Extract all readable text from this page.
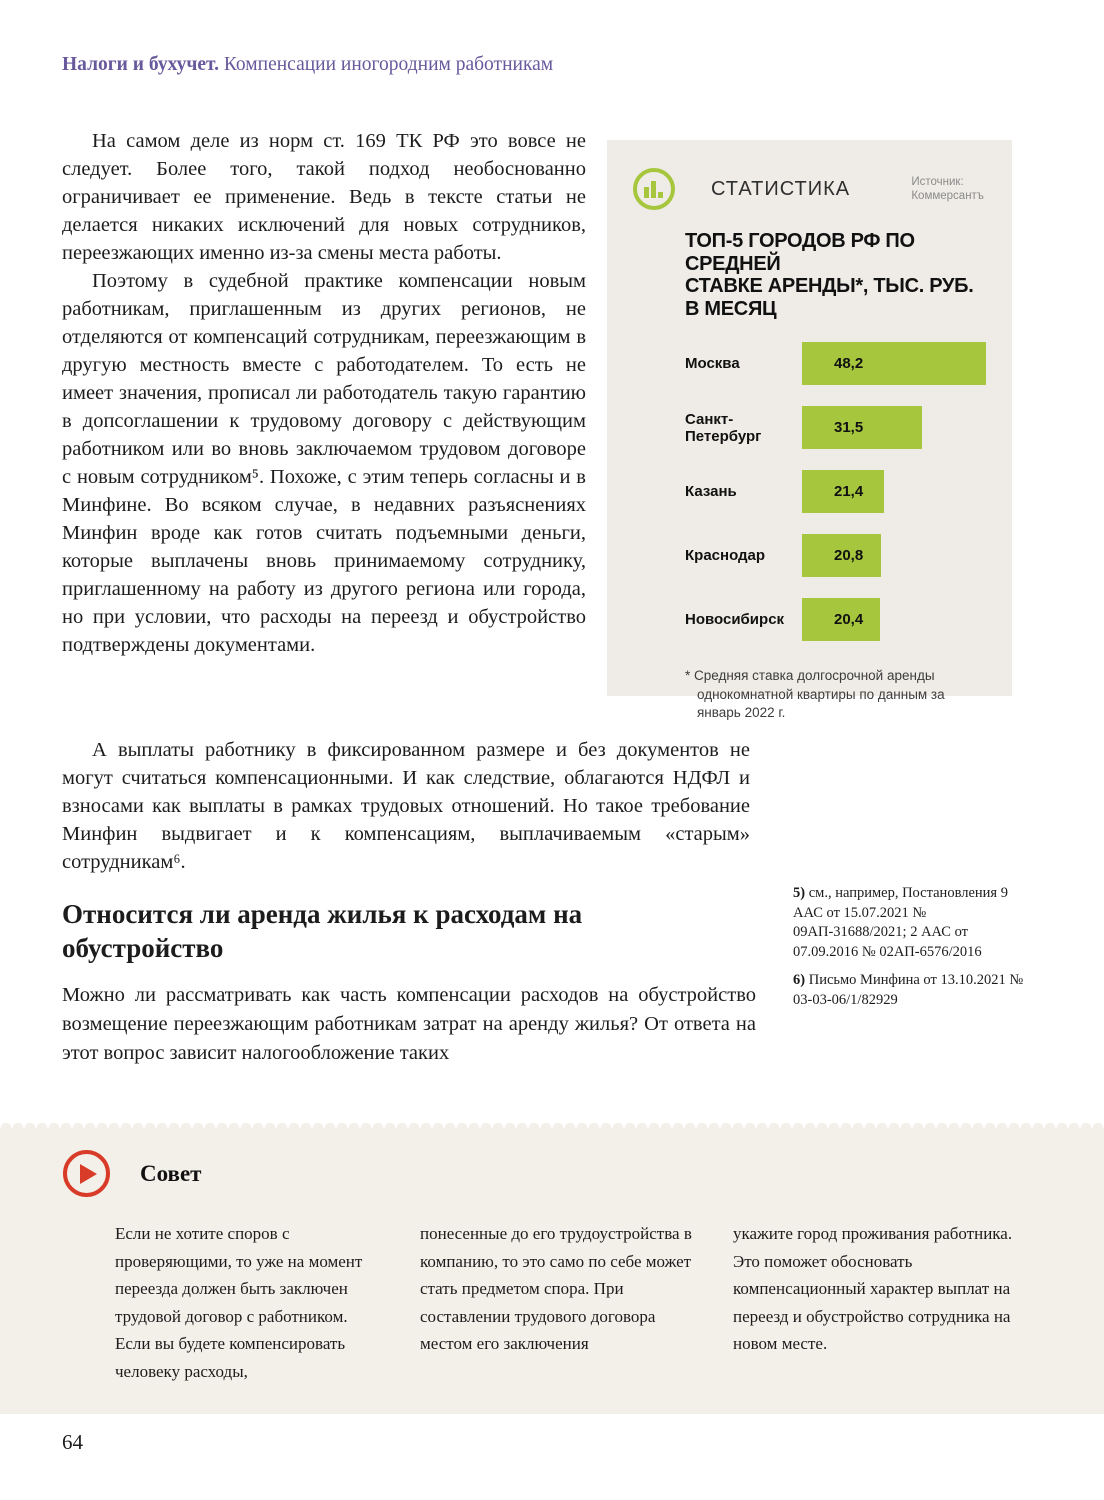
Налоги и бухучет. Компенсации иногородним работникам

На самом деле из норм ст. 169 ТК РФ это вовсе не следует. Более того, такой подход необоснованно ограничивает ее применение. Ведь в тексте статьи не делается никаких исключений для новых сотрудников, переезжающих именно из-за смены места работы.

Поэтому в судебной практике компенсации новым работникам, приглашенным из других регионов, не отделяются от компенсаций сотрудникам, переезжающим в другую местность вместе с работодателем. То есть не имеет значения, прописал ли работодатель такую гарантию в допсоглашении к трудовому договору с действующим работником или во вновь заключаемом трудовом договоре с новым сотрудником⁵. Похоже, с этим теперь согласны и в Минфине. Во всяком случае, в недавних разъяснениях Минфин вроде как готов считать подъемными деньги, которые выплачены вновь принимаемому сотруднику, приглашенному на работу из другого региона или города, но при условии, что расходы на переезд и обустройство подтверждены документами.

СТАТИСТИКА	Источник:
Коммерсантъ
ТОП-5 ГОРОДОВ РФ ПО СРЕДНЕЙ
СТАВКЕ АРЕНДЫ*, ТЫС. РУБ.
В МЕСЯЦ
Москва	48,2
Санкт-Петербург	31,5
Казань	21,4
Краснодар	20,8
Новосибирск	20,4
* Средняя ставка долгосрочной аренды однокомнатной квартиры по данным за январь 2022 г.

А выплаты работнику в фиксированном размере и без документов не могут считаться компенсационными. И как следствие, облагаются НДФЛ и взносами как выплаты в рамках трудовых отношений. Но такое требование Минфин выдвигает и к компенсациям, выплачиваемым «старым» сотрудникам⁶.

Относится ли аренда жилья к расходам на обустройство

Можно ли рассматривать как часть компенсации расходов на обустройство возмещение переезжающим работникам затрат на аренду жилья? От ответа на этот вопрос зависит налогообложение таких

5) см., например, Постановления 9 ААС от 15.07.2021 № 09АП-31688/2021; 2 ААС от 07.09.2016 № 02АП-6576/2016

6) Письмо Минфина от 13.10.2021 № 03-03-06/1/82929

Совет
Если не хотите споров с проверяющими, то уже на момент переезда должен быть заключен трудовой договор с работником. Если вы будете компенсировать человеку расходы,
понесенные до его трудоустройства в компанию, то это само по себе может стать предметом спора. При составлении трудового договора местом его заключения
укажите город проживания работника. Это поможет обосновать компенсационный характер выплат на переезд и обустройство сотрудника на новом месте.
64
